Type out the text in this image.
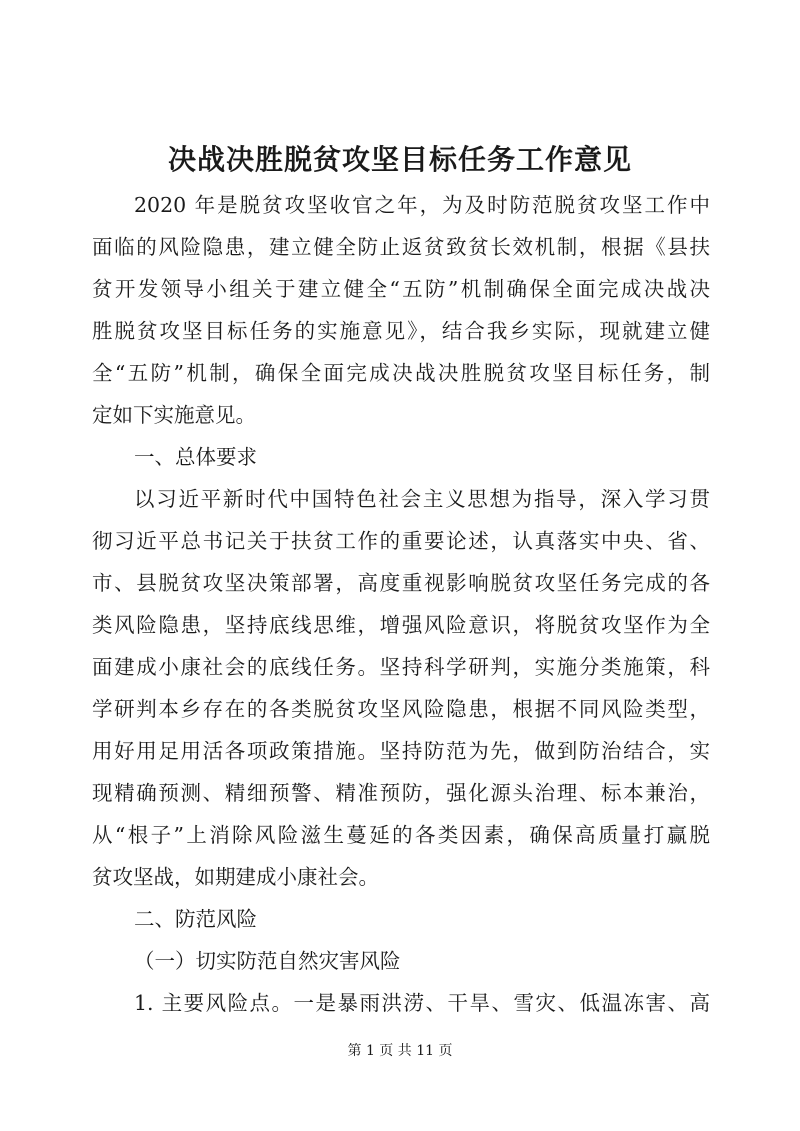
决战决胜脱贫攻坚目标任务工作意见
2020 年是脱贫攻坚收官之年，为及时防范脱贫攻坚工作中
面临的风险隐患，建立健全防止返贫致贫长效机制，根据《县扶
贫开发领导小组关于建立健全“五防”机制确保全面完成决战决
胜脱贫攻坚目标任务的实施意见》，结合我乡实际，现就建立健
全“五防”机制，确保全面完成决战决胜脱贫攻坚目标任务，制
定如下实施意见。
一、总体要求
以习近平新时代中国特色社会主义思想为指导，深入学习贯
彻习近平总书记关于扶贫工作的重要论述，认真落实中央、省、
市、县脱贫攻坚决策部署，高度重视影响脱贫攻坚任务完成的各
类风险隐患，坚持底线思维，增强风险意识，将脱贫攻坚作为全
面建成小康社会的底线任务。坚持科学研判，实施分类施策，科
学研判本乡存在的各类脱贫攻坚风险隐患，根据不同风险类型，
用好用足用活各项政策措施。坚持防范为先，做到防治结合，实
现精确预测、精细预警、精准预防，强化源头治理、标本兼治，
从“根子”上消除风险滋生蔓延的各类因素，确保高质量打赢脱
贫攻坚战，如期建成小康社会。
二、防范风险
（一）切实防范自然灾害风险
1. 主要风险点。一是暴雨洪涝、干旱、雪灾、低温冻害、高
第 1 页 共 11 页
